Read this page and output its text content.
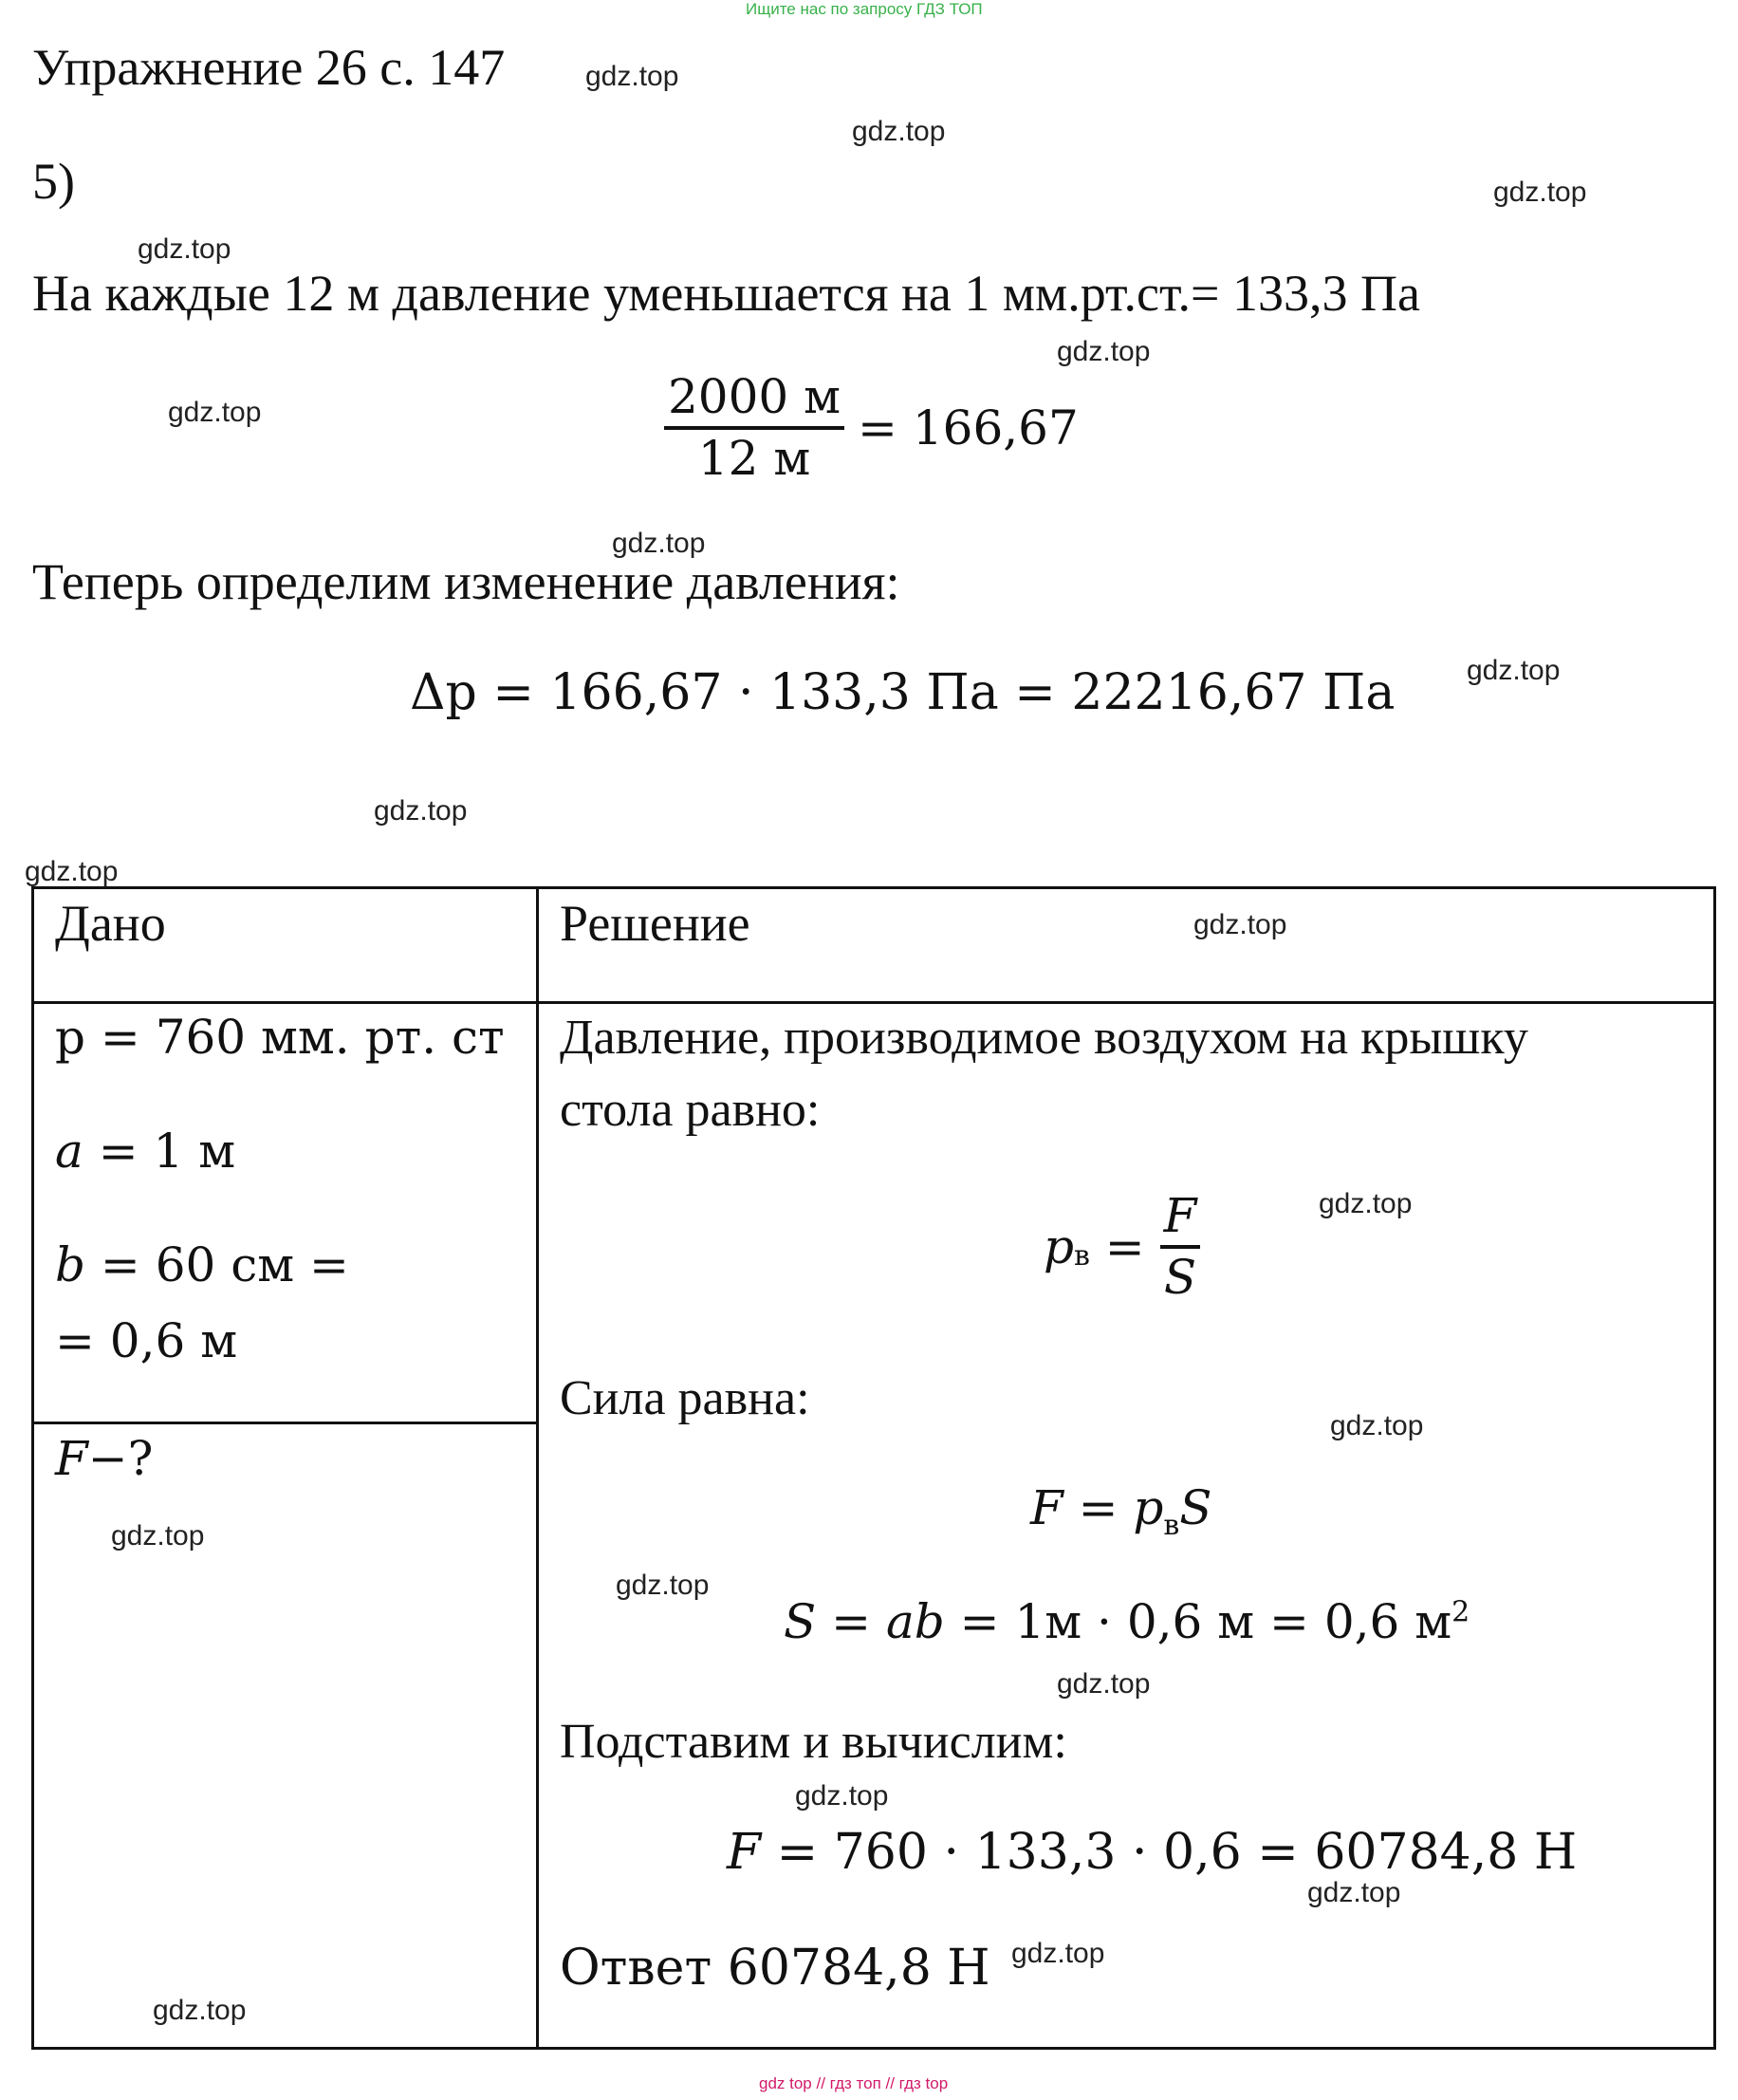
Ищите нас по запросу ГДЗ ТОП
Упражнение 26 с. 147
5)
На каждые 12 м давление уменьшается на 1 мм.рт.ст.= 133,3 Па
$\frac{2000 м}{12 м} = 166,67$
Теперь определим изменение давления:
Δp = 166,67 · 133,3 Па = 22216,67 Па
Дано	Решение
p = 760 мм. рт. ст
a = 1 м
b = 60 см =
= 0,6 м
F−?
Давление, производимое воздухом на крышку
стола равно:
$p_в = \frac{F}{S}$
Сила равна:
$F = p_вS$
S = ab = 1м · 0,6 м = 0,6 $м^2$
Подставим и вычислим:
F = 760 · 133,3 · 0,6 = 60784,8 Н
Ответ 60784,8 Н
gdz.top
gdz.top
gdz.top
gdz.top
gdz.top
gdz.top
gdz.top
gdz.top
gdz.top
gdz.top
gdz.top
gdz.top
gdz.top
gdz.top
gdz.top
gdz.top
gdz.top
gdz.top
gdz.top
gdz.top
gdz top // гдз топ // гдз top
